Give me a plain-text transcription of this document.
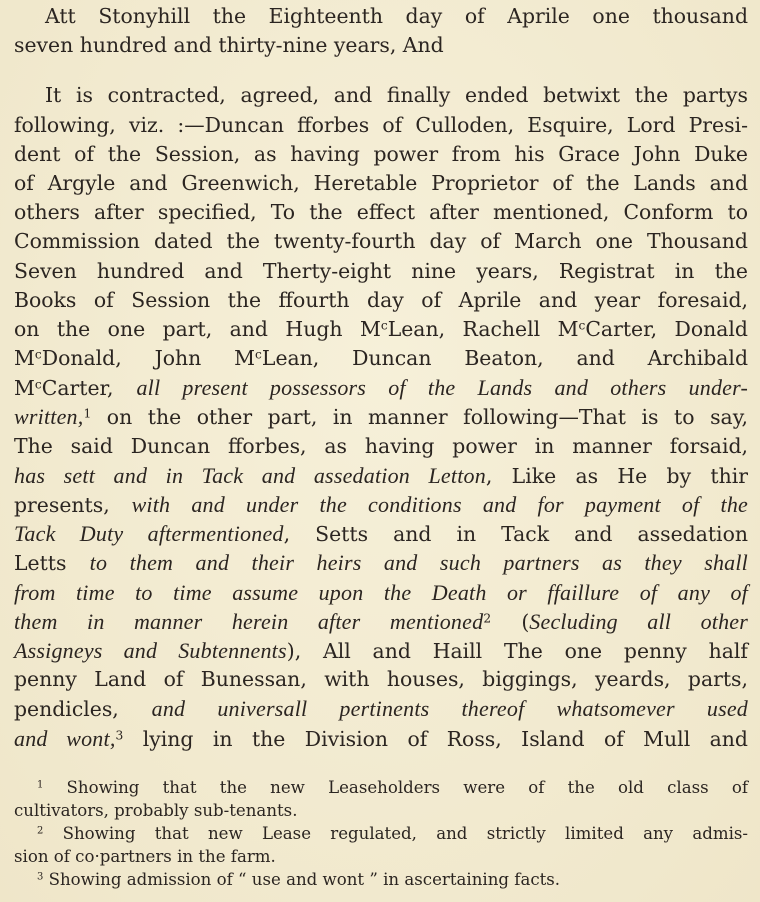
Att Stonyhill the Eighteenth day of Aprile one thousand
seven hundred and thirty-nine years, And
It is contracted, agreed, and finally ended betwixt the partys
following, viz. :—Duncan fforbes of Culloden, Esquire, Lord Presi-
dent of the Session, as having power from his Grace John Duke
of Argyle and Greenwich, Heretable Proprietor of the Lands and
others after specified, To the effect after mentioned, Conform to
Commission dated the twenty-fourth day of March one Thousand
Seven hundred and Therty-eight nine years, Registrat in the
Books of Session the ffourth day of Aprile and year foresaid,
on the one part, and Hugh $M^cLean$, Rachell $M^cCarter$, Donald
$M^cDonald$, John $M^cLean$, Duncan Beaton, and Archibald
$M^cCarter$, all present possessors of the Lands and others under-
written,$^1$ on the other part, in manner following—That is to say,
The said Duncan fforbes, as having power in manner forsaid,
has sett and in Tack and assedation Letton, Like as He by thir
presents, with and under the conditions and for payment of the
Tack Duty aftermentioned, Setts and in Tack and assedation
Letts to them and their heirs and such partners as they shall
from time to time assume upon the Death or ffaillure of any of
them in manner herein after mentioned$^2$ (Secluding all other
Assigneys and Subtennents), All and Haill The one penny half
penny Land of Bunessan, with houses, biggings, yeards, parts,
pendicles, and universall pertinents thereof whatsomever used
and wont,$^3$ lying in the Division of Ross, Island of Mull and
$^1$ Showing that the new Leaseholders were of the old class of
cultivators, probably sub-tenants.
$^2$ Showing that new Lease regulated, and strictly limited any admis-
sion of co·partners in the farm.
$^3$ Showing admission of “ use and wont ” in ascertaining facts.
